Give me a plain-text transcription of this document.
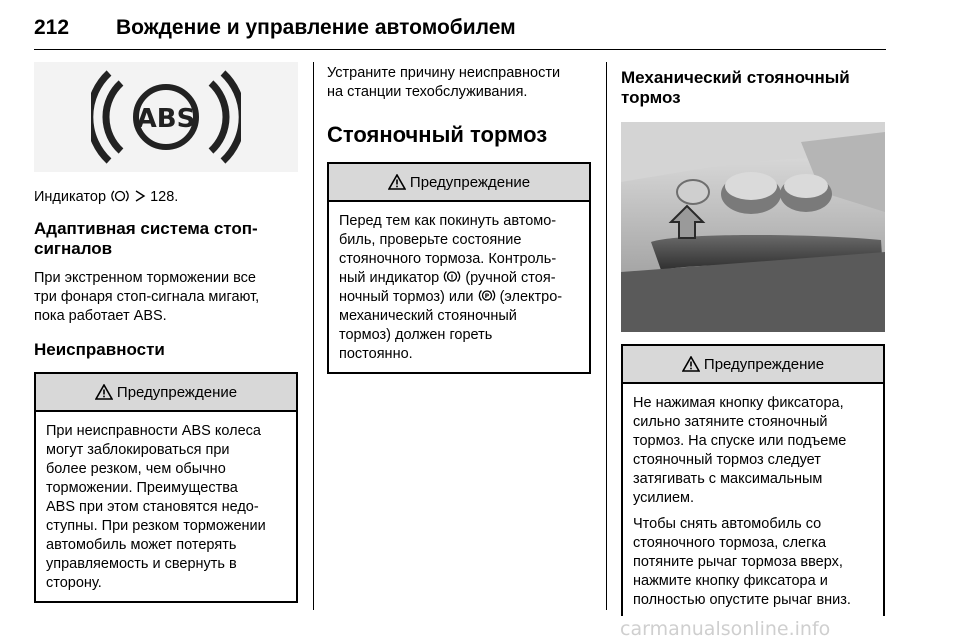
212 Вождение и управление автомобилем
ABS

Индикатор	128.

Адаптивная система стоп-
сигналов

При экстренном торможении все
три фонаря стоп-сигнала мигают,
пока работает ABS.

Неисправности
Предупреждение

При неисправности ABS колеса
могут заблокироваться при
более резком, чем обычно
торможении. Преимущества
ABS при этом становятся недо-
ступны. При резком торможении
автомобиль может потерять
управляемость и свернуть в
сторону.

Устраните причину неисправности
на станции техобслуживания.

Стояночный тормоз
Предупреждение

Перед тем как покинуть автомо-
биль, проверьте состояние
стояночного тормоза. Контроль-
ный индикатор ! (ручной стоя-
ночный тормоз) или P (электро-
механический стояночный
тормоз) должен гореть
постоянно.

Механический стояночный
тормоз
Предупреждение

Не нажимая кнопку фиксатора,
сильно затяните стояночный
тормоз. На спуске или подъеме
стояночный тормоз следует
затягивать с максимальным
усилием.

Чтобы снять автомобиль со
стояночного тормоза, слегка
потяните рычаг тормоза вверх,
нажмите кнопку фиксатора и
полностью опустите рычаг вниз.

carmanualsonline.info
